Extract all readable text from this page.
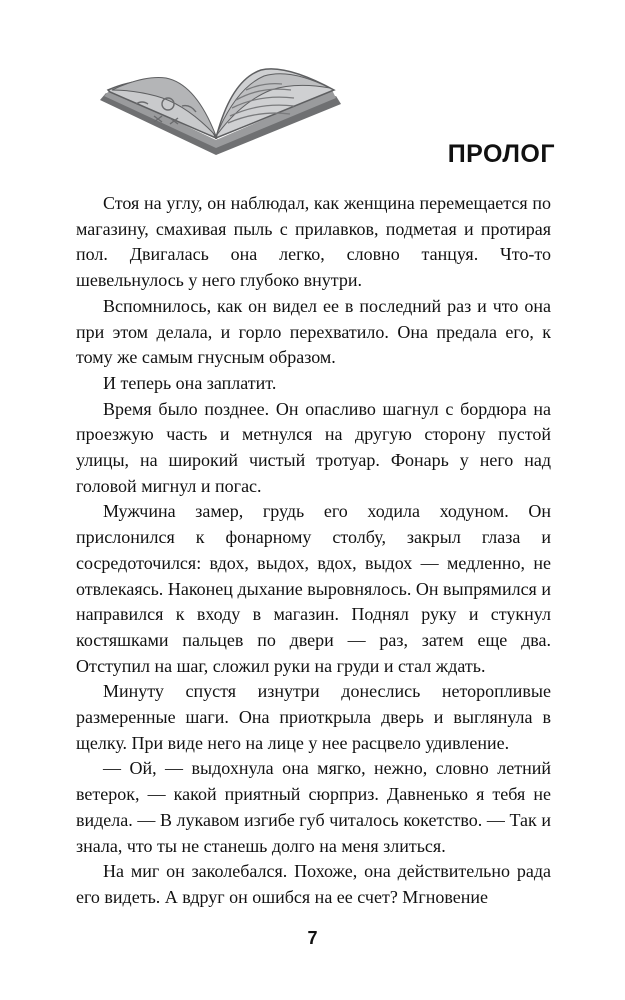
ПРОЛОГ

Стоя на углу, он наблюдал, как женщина перемещается по магазину, смахивая пыль с прилавков, подметая и протирая пол. Двигалась она легко, словно танцуя. Что-то шевельнулось у него глубоко внутри.

Вспомнилось, как он видел ее в последний раз и что она при этом делала, и горло перехватило. Она предала его, к тому же самым гнусным образом.

И теперь она заплатит.

Время было позднее. Он опасливо шагнул с бордюра на проезжую часть и метнулся на другую сторону пустой улицы, на широкий чистый тротуар. Фонарь у него над головой мигнул и погас.

Мужчина замер, грудь его ходила ходуном. Он прислонился к фонарному столбу, закрыл глаза и сосредоточился: вдох, выдох, вдох, выдох — медленно, не отвлекаясь. Наконец дыхание выровнялось. Он выпрямился и направился к входу в магазин. Поднял руку и стукнул костяшками пальцев по двери — раз, затем еще два. Отступил на шаг, сложил руки на груди и стал ждать.

Минуту спустя изнутри донеслись неторопливые размеренные шаги. Она приоткрыла дверь и выглянула в щелку. При виде него на лице у нее расцвело удивление.

— Ой, — выдохнула она мягко, нежно, словно летний ветерок, — какой приятный сюрприз. Давненько я тебя не видела. — В лукавом изгибе губ читалось кокетство. — Так и знала, что ты не станешь долго на меня злиться.

На миг он заколебался. Похоже, она действительно рада его видеть. А вдруг он ошибся на ее счет? Мгновение

7
